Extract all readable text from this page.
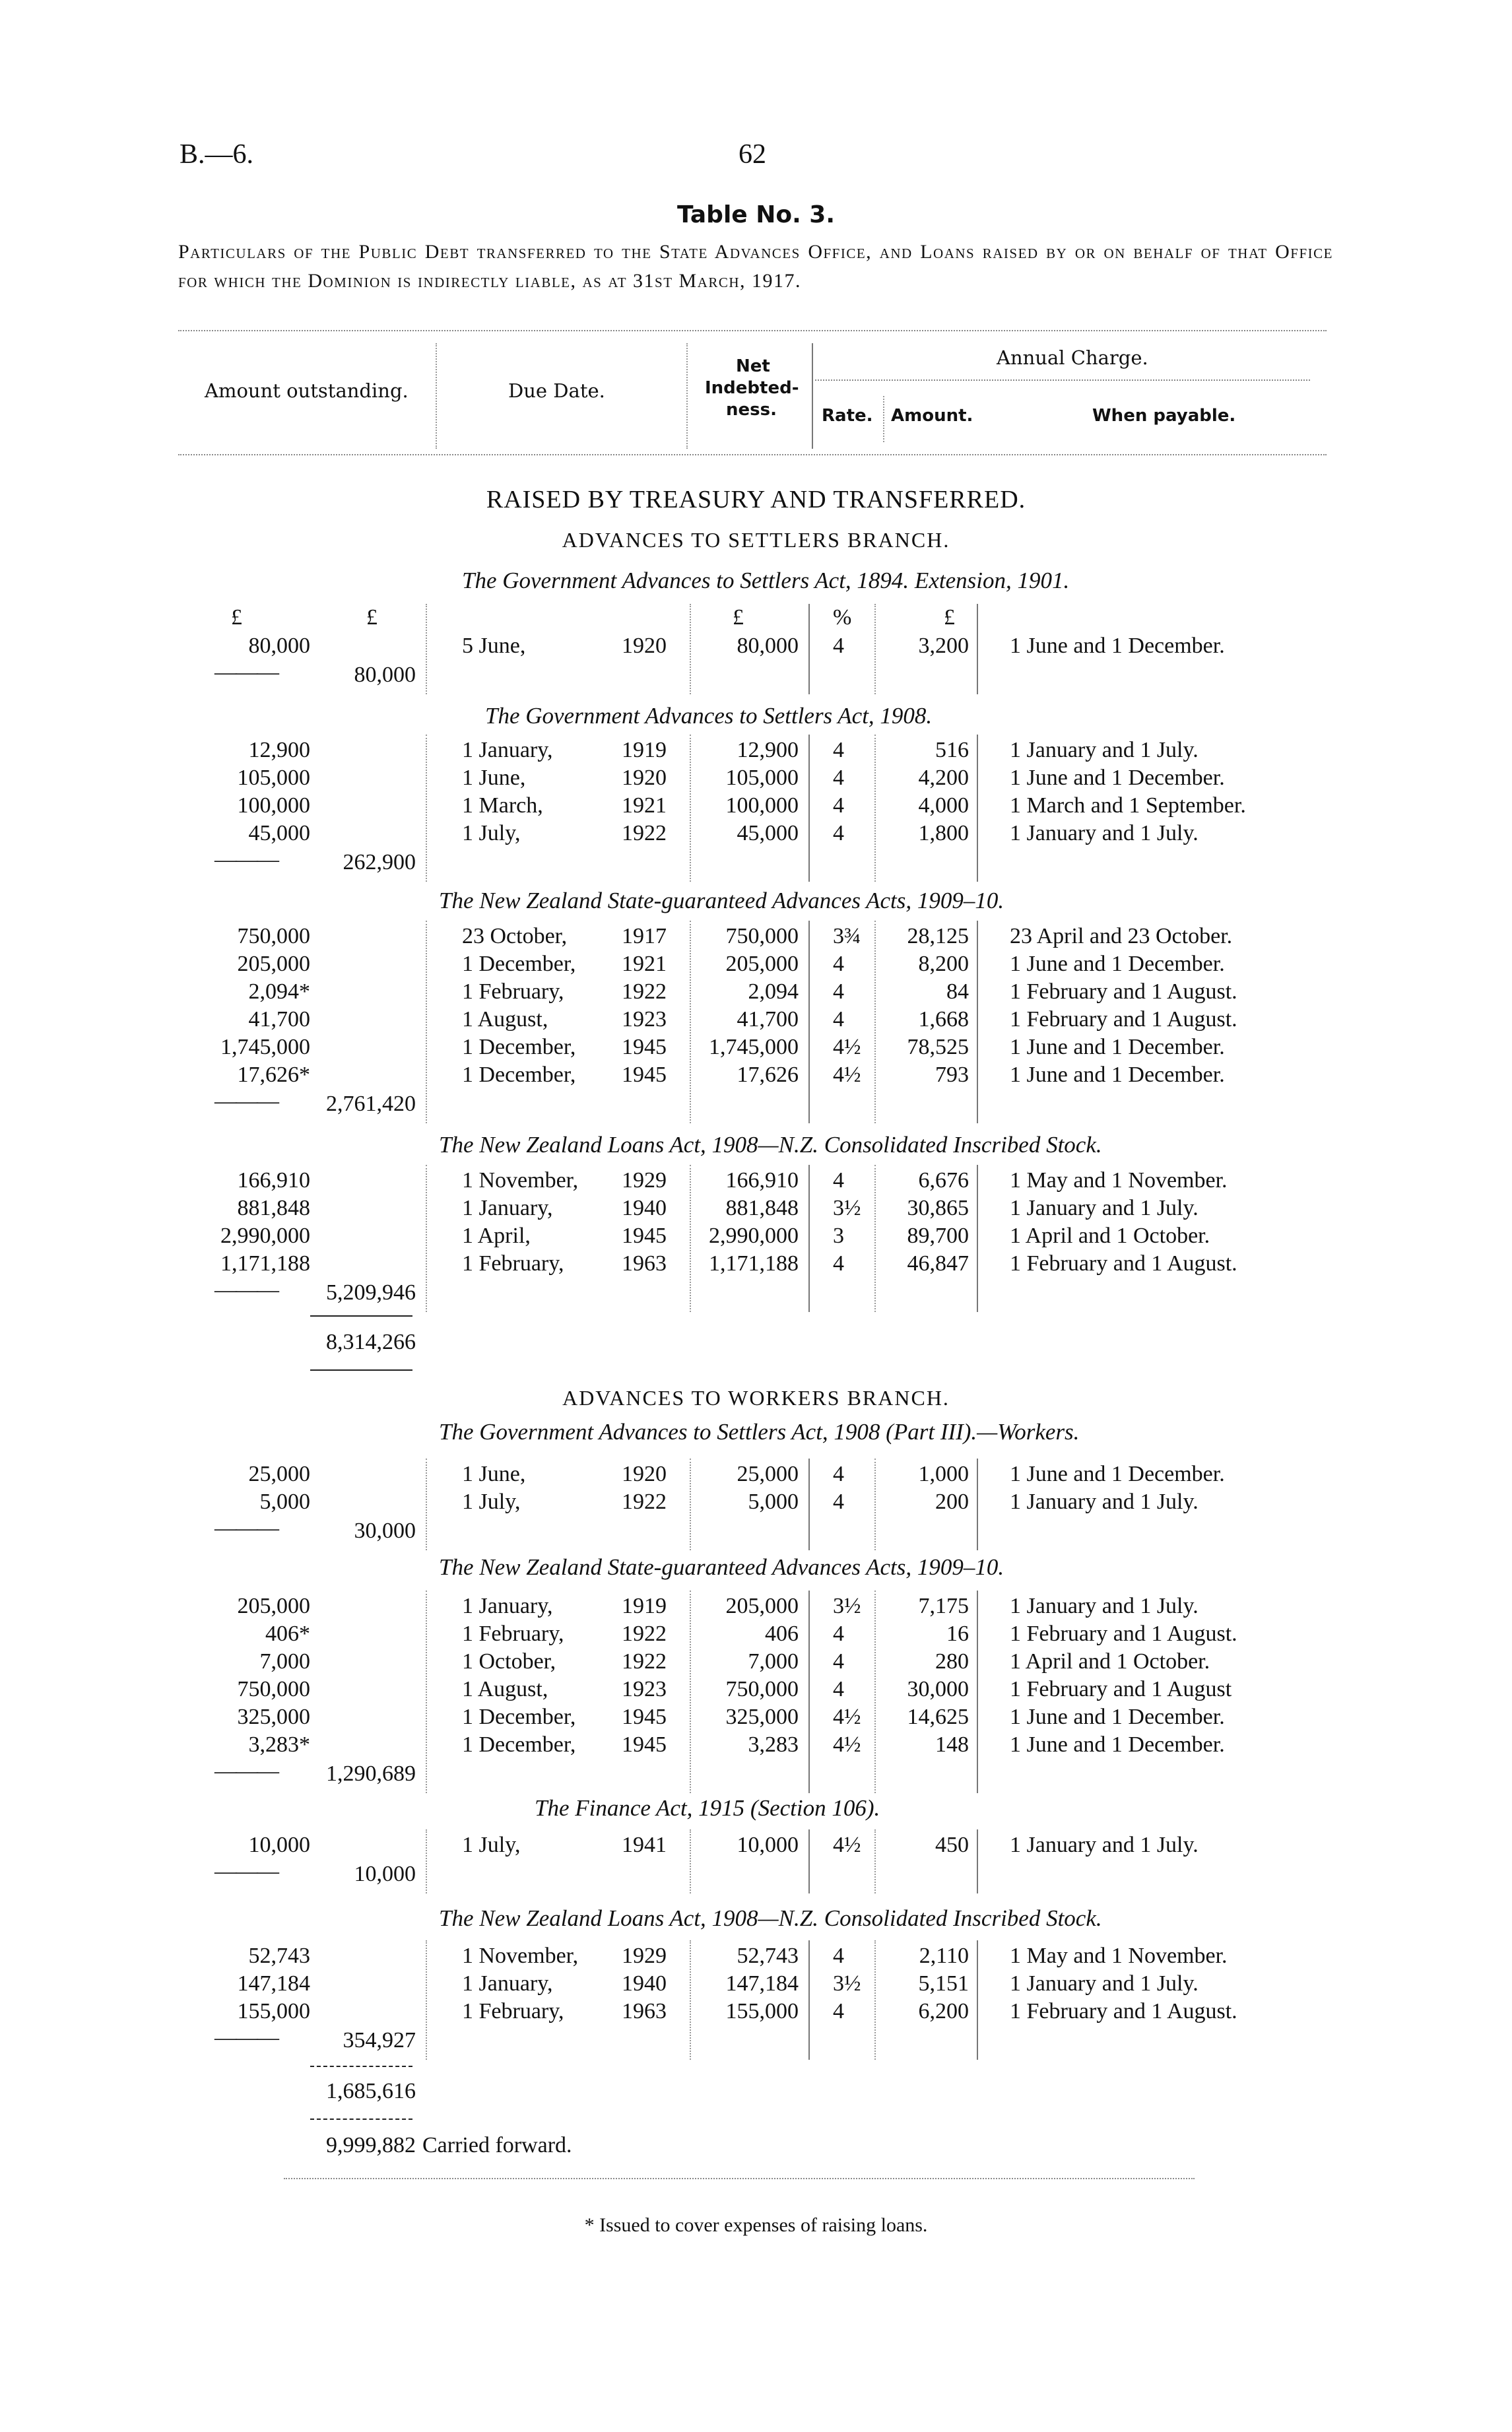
B.—6.	62
Table No. 3.
Particulars of the Public Debt transferred to the State Advances Office, and Loans raised by or on behalf of that Office for which the Dominion is indirectly liable, as at 31st March, 1917.
Amount outstanding.	Due Date.
Net
Indebted-
ness.
Annual Charge.
Rate. Amount.	When payable.
RAISED BY TREASURY AND TRANSFERRED.
ADVANCES TO SETTLERS BRANCH.
The Government Advances to Settlers Act, 1894. Extension, 1901.
£	£	£	%	£
80,000	5 June,	1920	80,000 4	3,200 1 June and 1 December.
———	80,000
The Government Advances to Settlers Act, 1908.
12,900	1 January,	1919	12,900 4	516 1 January and 1 July.
105,000	1 June,	1920	105,000 4	4,200 1 June and 1 December.
100,000	1 March,	1921	100,000 4	4,000 1 March and 1 September.
45,000	1 July,	1922	45,000 4	1,800 1 January and 1 July.
———	262,900
The New Zealand State-guaranteed Advances Acts, 1909–10.
750,000	23 October,	1917	750,000 3¾	28,125 23 April and 23 October.
205,000	1 December,	1921	205,000 4	8,200 1 June and 1 December.
2,094*	1 February,	1922	2,094 4	84 1 February and 1 August.
41,700	1 August,	1923	41,700 4	1,668 1 February and 1 August.
1,745,000	1 December,	1945	1,745,000 4½	78,525 1 June and 1 December.
17,626*	1 December,	1945	17,626 4½	793 1 June and 1 December.
———	2,761,420
The New Zealand Loans Act, 1908—N.Z. Consolidated Inscribed Stock.
166,910	1 November,	1929	166,910 4	6,676 1 May and 1 November.
881,848	1 January,	1940	881,848 3½	30,865 1 January and 1 July.
2,990,000	1 April,	1945	2,990,000 3	89,700 1 April and 1 October.
1,171,188	1 February,	1963	1,171,188 4	46,847 1 February and 1 August.
———	5,209,946
The Government Advances to Settlers Act, 1908 (Part III).—Workers.
25,000	1 June,	1920	25,000 4	1,000 1 June and 1 December.
5,000	1 July,	1922	5,000 4	200 1 January and 1 July.
———	30,000
The New Zealand State-guaranteed Advances Acts, 1909–10.
205,000	1 January,	1919	205,000 3½	7,175 1 January and 1 July.
406*	1 February,	1922	406 4	16 1 February and 1 August.
7,000	1 October,	1922	7,000 4	280 1 April and 1 October.
750,000	1 August,	1923	750,000 4	30,000 1 February and 1 August
325,000	1 December,	1945	325,000 4½	14,625 1 June and 1 December.
3,283*	1 December,	1945	3,283 4½	148 1 June and 1 December.
———	1,290,689
The Finance Act, 1915 (Section 106).
10,000	1 July,	1941	10,000 4½	450 1 January and 1 July.
———	10,000
The New Zealand Loans Act, 1908—N.Z. Consolidated Inscribed Stock.
52,743	1 November,	1929	52,743 4	2,110 1 May and 1 November.
147,184	1 January,	1940	147,184 3½	5,151 1 January and 1 July.
155,000	1 February,	1963	155,000 4	6,200 1 February and 1 August.
———	354,927
8,314,266
ADVANCES TO WORKERS BRANCH.
1,685,616
9,999,882 Carried forward.
* Issued to cover expenses of raising loans.
